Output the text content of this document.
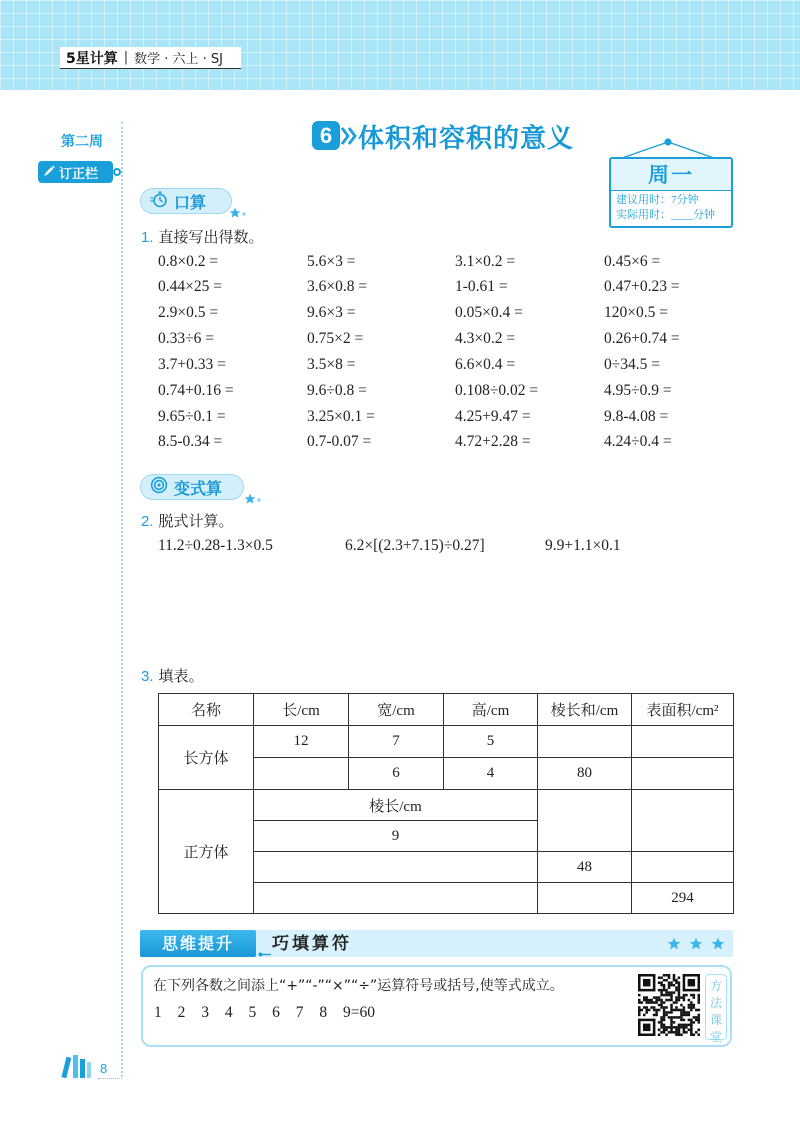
5星计算 | 数学 · 六上 · SJ
第二周
订正栏
6 体积和容积的意义
周一
建议用时：7分钟
实际用时：____分钟
口算
1. 直接写出得数。
0.8×0.2 =	5.6×3 =	3.1×0.2 =	0.45×6 =
0.44×25 =	3.6×0.8 =	1-0.61 =	0.47+0.23 =
2.9×0.5 =	9.6×3 =	0.05×0.4 =	120×0.5 =
0.33÷6 =	0.75×2 =	4.3×0.2 =	0.26+0.74 =
3.7+0.33 =	3.5×8 =	6.6×0.4 =	0÷34.5 =
0.74+0.16 =	9.6÷0.8 =	0.108÷0.02 =	4.95÷0.9 =
9.65÷0.1 =	3.25×0.1 =	4.25+9.47 =	9.8-4.08 =
8.5-0.34 =	0.7-0.07 =	4.72+2.28 =	4.24÷0.4 =
变式算
2. 脱式计算。
11.2÷0.28-1.3×0.5	6.2×[(2.3+7.15)÷0.27]	9.9+1.1×0.1
3. 填表。
名称	长/cm	宽/cm	高/cm	棱长和/cm	表面积/cm²
长方体	12	7	5		
		6	4	80	
正方体	棱长/cm				
	9				
				48	
					294
思维提升	巧填算符
在下列各数之间添上“+”“-”“×”“÷”运算符号或括号,使等式成立。
1 2 3 4 5 6 7 8 9=60
方
法
课
堂
8
